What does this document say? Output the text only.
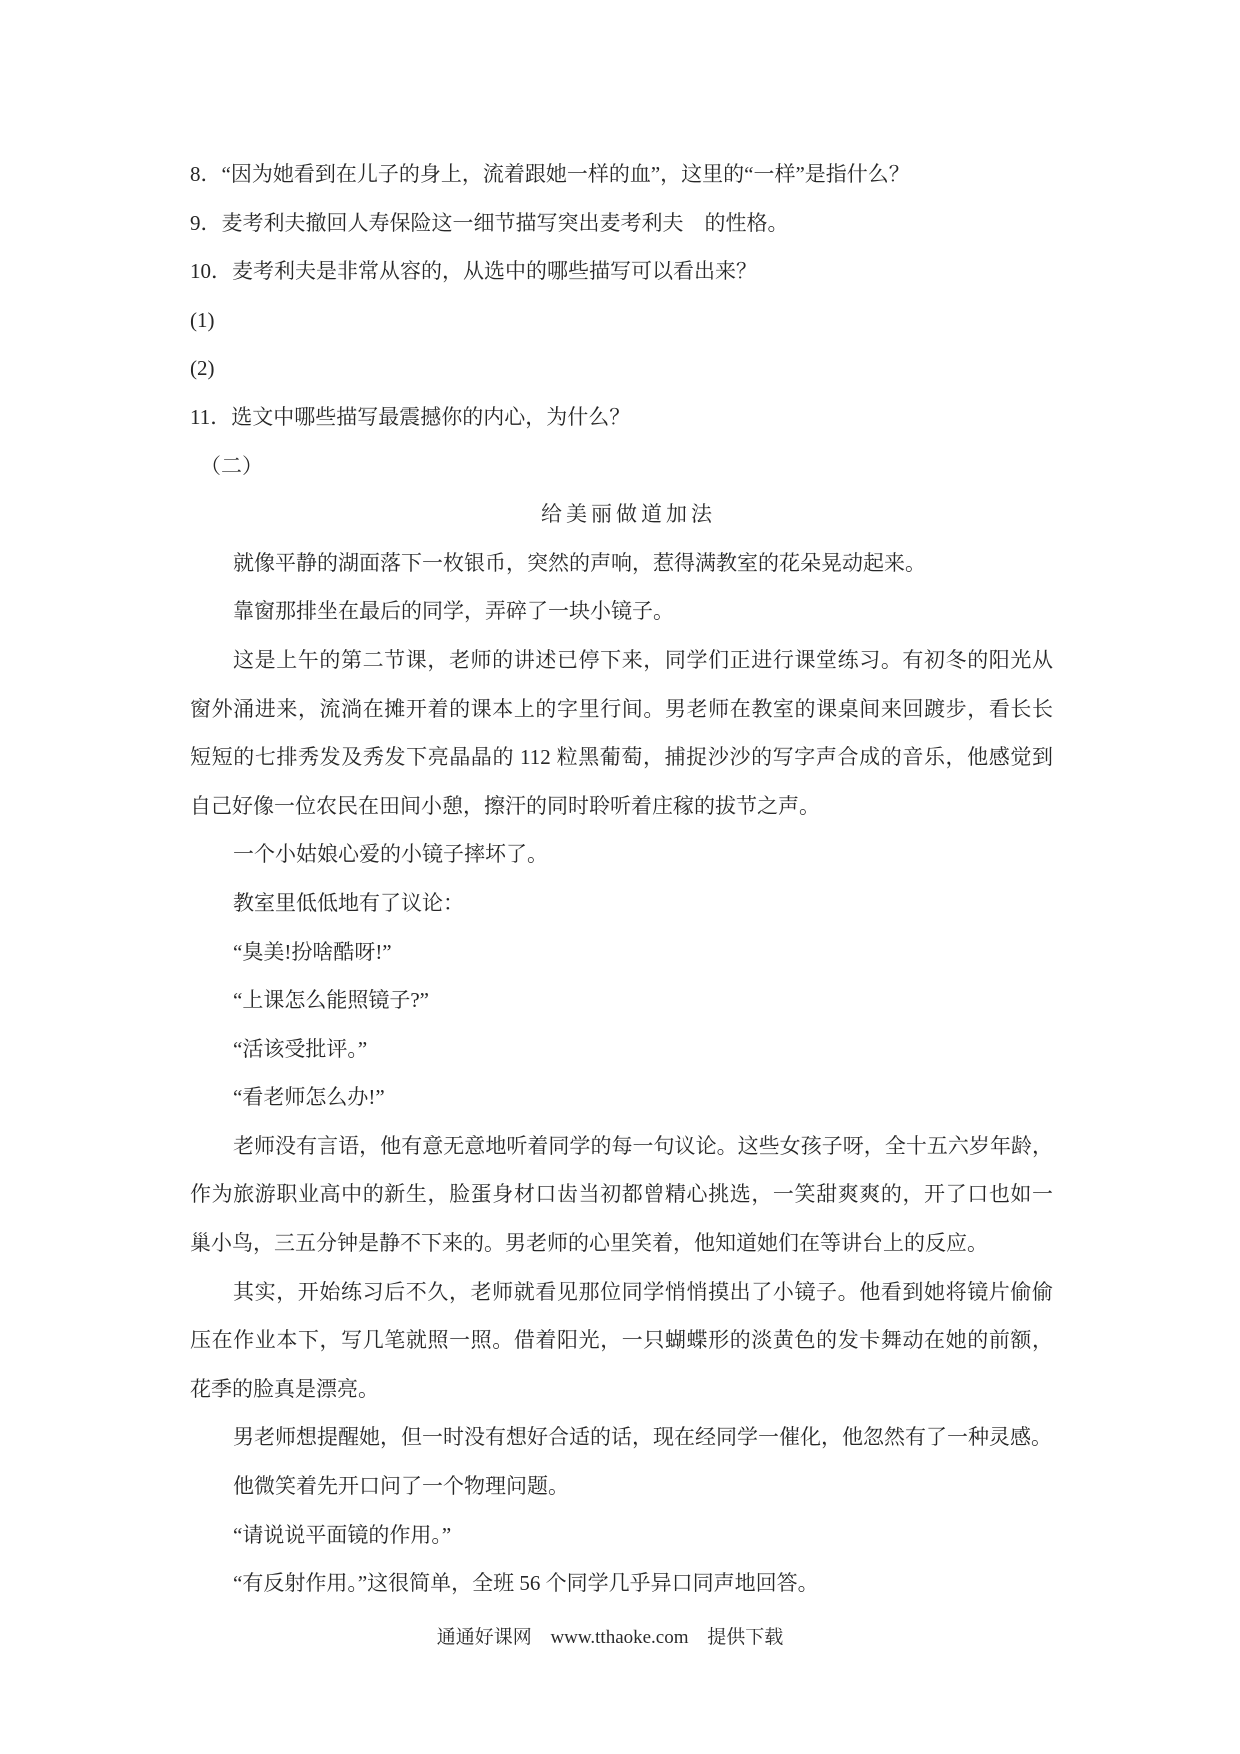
8．“因为她看到在儿子的身上，流着跟她一样的血”，这里的“一样”是指什么？
9．麦考利夫撤回人寿保险这一细节描写突出麦考利夫　的性格。
10．麦考利夫是非常从容的，从选中的哪些描写可以看出来？
(1)
(2)
11．选文中哪些描写最震撼你的内心，为什么？
（二）
给美丽做道加法
就像平静的湖面落下一枚银币，突然的声响，惹得满教室的花朵晃动起来。
靠窗那排坐在最后的同学，弄碎了一块小镜子。
这是上午的第二节课，老师的讲述已停下来，同学们正进行课堂练习。有初冬的阳光从
窗外涌进来，流淌在摊开着的课本上的字里行间。男老师在教室的课桌间来回踱步，看长长
短短的七排秀发及秀发下亮晶晶的 112 粒黑葡萄，捕捉沙沙的写字声合成的音乐，他感觉到
自己好像一位农民在田间小憩，擦汗的同时聆听着庄稼的拔节之声。
一个小姑娘心爱的小镜子摔坏了。
教室里低低地有了议论：
“臭美!扮啥酷呀!”
“上课怎么能照镜子?”
“活该受批评。”
“看老师怎么办!”
老师没有言语，他有意无意地听着同学的每一句议论。这些女孩子呀，全十五六岁年龄，
作为旅游职业高中的新生，脸蛋身材口齿当初都曾精心挑选，一笑甜爽爽的，开了口也如一
巢小鸟，三五分钟是静不下来的。男老师的心里笑着，他知道她们在等讲台上的反应。
其实，开始练习后不久，老师就看见那位同学悄悄摸出了小镜子。他看到她将镜片偷偷
压在作业本下，写几笔就照一照。借着阳光，一只蝴蝶形的淡黄色的发卡舞动在她的前额，
花季的脸真是漂亮。
男老师想提醒她，但一时没有想好合适的话，现在经同学一催化，他忽然有了一种灵感。
他微笑着先开口问了一个物理问题。
“请说说平面镜的作用。”
“有反射作用。”这很简单，全班 56 个同学几乎异口同声地回答。
通通好课网 www.tthaoke.com 提供下载
